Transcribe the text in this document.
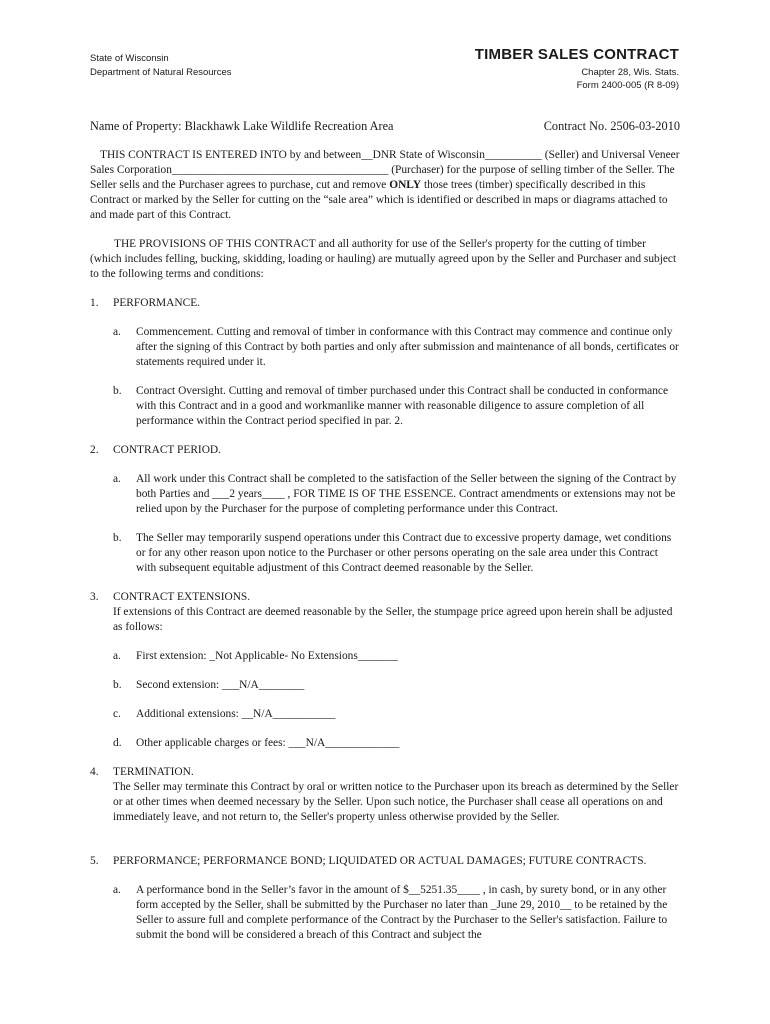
State of Wisconsin
Department of Natural Resources
TIMBER SALES CONTRACT
Chapter 28, Wis. Stats.
Form 2400-005 (R 8-09)
Name of Property: Blackhawk Lake Wildlife Recreation Area	Contract No. 2506-03-2010

THIS CONTRACT IS ENTERED INTO by and between__DNR State of Wisconsin__________ (Seller) and Universal Veneer Sales Corporation______________________________________ (Purchaser) for the purpose of selling timber of the Seller. The Seller sells and the Purchaser agrees to purchase, cut and remove ONLY those trees (timber) specifically described in this Contract or marked by the Seller for cutting on the “sale area” which is identified or described in maps or diagrams attached to and made part of this Contract.

THE PROVISIONS OF THIS CONTRACT and all authority for use of the Seller's property for the cutting of timber (which includes felling, bucking, skidding, loading or hauling) are mutually agreed upon by the Seller and Purchaser and subject to the following terms and conditions:

1. PERFORMANCE.
a. Commencement. Cutting and removal of timber in conformance with this Contract may commence and continue only after the signing of this Contract by both parties and only after submission and maintenance of all bonds, certificates or statements required under it.
b. Contract Oversight. Cutting and removal of timber purchased under this Contract shall be conducted in conformance with this Contract and in a good and workmanlike manner with reasonable diligence to assure completion of all performance within the Contract period specified in par. 2.
2. CONTRACT PERIOD.
a. All work under this Contract shall be completed to the satisfaction of the Seller between the signing of the Contract by both Parties and ___2 years____ , FOR TIME IS OF THE ESSENCE. Contract amendments or extensions may not be relied upon by the Purchaser for the purpose of completing performance under this Contract.
b. The Seller may temporarily suspend operations under this Contract due to excessive property damage, wet conditions or for any other reason upon notice to the Purchaser or other persons operating on the sale area under this Contract with subsequent equitable adjustment of this Contract deemed reasonable by the Seller.
3. CONTRACT EXTENSIONS.
If extensions of this Contract are deemed reasonable by the Seller, the stumpage price agreed upon herein shall be adjusted as follows:
a. First extension: _Not Applicable- No Extensions_______
b. Second extension: ___N/A________
c. Additional extensions: __N/A___________
d. Other applicable charges or fees: ___N/A_____________
4. TERMINATION.
The Seller may terminate this Contract by oral or written notice to the Purchaser upon its breach as determined by the Seller or at other times when deemed necessary by the Seller. Upon such notice, the Purchaser shall cease all operations on and immediately leave, and not return to, the Seller's property unless otherwise provided by the Seller.
5. PERFORMANCE; PERFORMANCE BOND; LIQUIDATED OR ACTUAL DAMAGES; FUTURE CONTRACTS.
a. A performance bond in the Seller’s favor in the amount of $__5251.35____ , in cash, by surety bond, or in any other form accepted by the Seller, shall be submitted by the Purchaser no later than _June 29, 2010__ to be retained by the Seller to assure full and complete performance of the Contract by the Purchaser to the Seller's satisfaction. Failure to submit the bond will be considered a breach of this Contract and subject the
